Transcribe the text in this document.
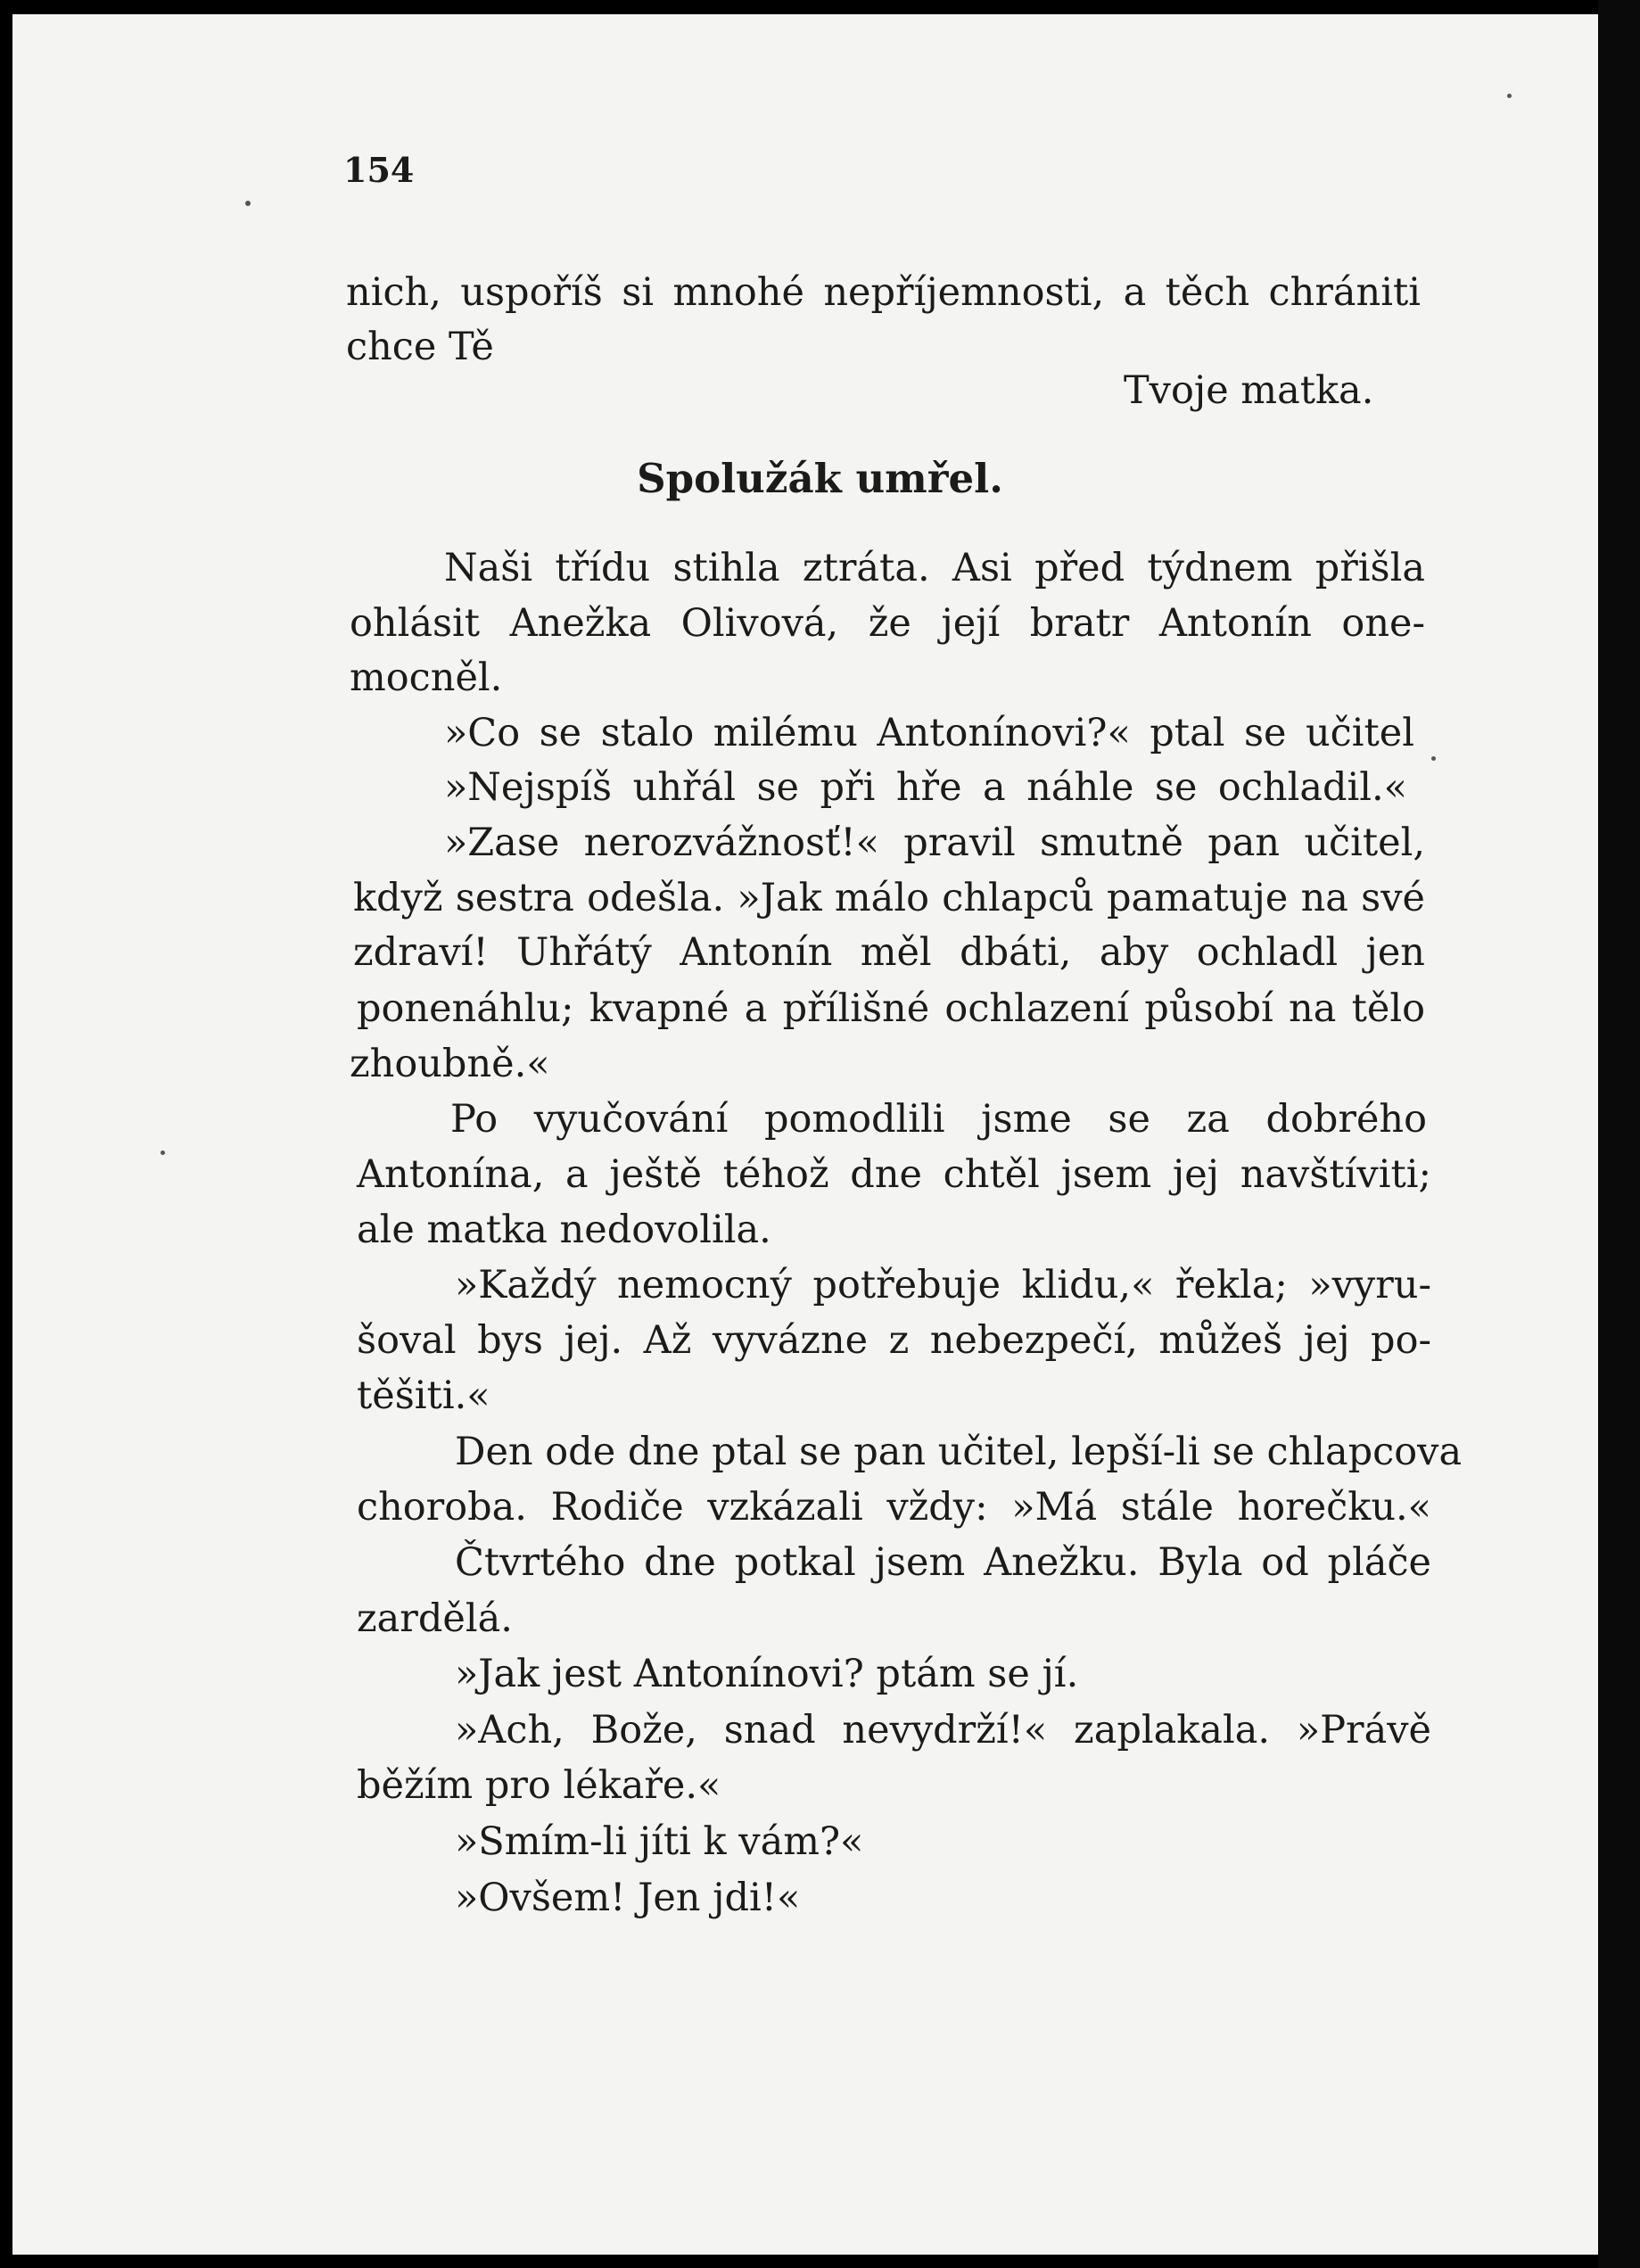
154
nich, uspoříš si mnohé nepříjemnosti, a těch chrániti
chce Tě
Tvoje matka.
Spolužák umřel.
Naši třídu stihla ztráta. Asi před týdnem přišla
ohlásit Anežka Olivová, že její bratr Antonín one-
mocněl.
»Co se stalo milému Antonínovi?« ptal se učitel
»Nejspíš uhřál se při hře a náhle se ochladil.«
»Zase nerozvážnosť!« pravil smutně pan učitel,
když sestra odešla. »Jak málo chlapců pamatuje na své
zdraví! Uhřátý Antonín měl dbáti, aby ochladl jen
ponenáhlu; kvapné a přílišné ochlazení působí na tělo
zhoubně.«
Po vyučování pomodlili jsme se za dobrého
Antonína, a ještě téhož dne chtěl jsem jej navštíviti;
ale matka nedovolila.
»Každý nemocný potřebuje klidu,« řekla; »vyru-
šoval bys jej. Až vyvázne z nebezpečí, můžeš jej po-
těšiti.«
Den ode dne ptal se pan učitel, lepší-li se chlapcova
choroba. Rodiče vzkázali vždy: »Má stále horečku.«
Čtvrtého dne potkal jsem Anežku. Byla od pláče
zardělá.
»Jak jest Antonínovi? ptám se jí.
»Ach, Bože, snad nevydrží!« zaplakala. »Právě
běžím pro lékaře.«
»Smím-li jíti k vám?«
»Ovšem! Jen jdi!«
